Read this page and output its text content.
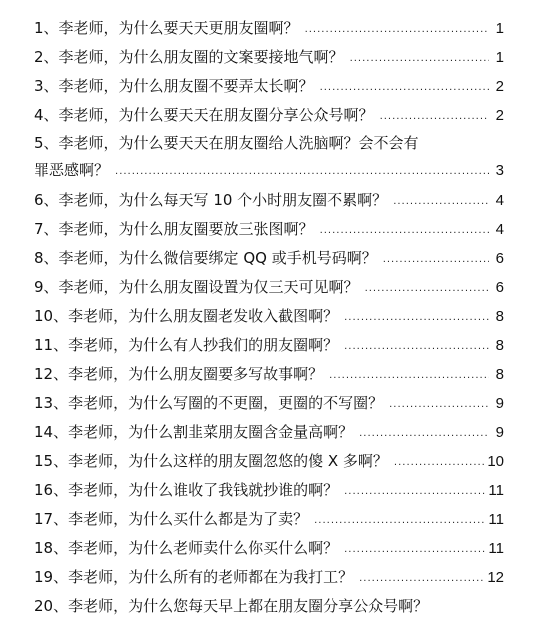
1、 李老师，为什么要天天更朋友圈啊？ .....	1
2、 李老师，为什么朋友圈的文案要接地气啊？ .....	1
3、 李老师，为什么朋友圈不要弄太长啊？ .....	2
4、 李老师，为什么要天天在朋友圈分享公众号啊？ .....	2
5、李老师，为什么要天天在朋友圈给人洗脑啊？会不会有
罪恶感啊？ .....	3
6、 李老师，为什么每天写 10 个小时朋友圈不累啊？ .....	4
7、 李老师，为什么朋友圈要放三张图啊？ .....	4
8、 李老师，为什么微信要绑定 QQ 或手机号码啊？ .....	6
9、 李老师，为什么朋友圈设置为仅三天可见啊？ .....	6
10、 李老师，为什么朋友圈老发收入截图啊？ .....	8
11、 李老师，为什么有人抄我们的朋友圈啊？ .....	8
12、 李老师，为什么朋友圈要多写故事啊？ .....	8
13、 李老师，为什么写圈的不更圈，更圈的不写圈？ .....	9
14、 李老师，为什么割韭菜朋友圈含金量高啊？ .....	9
15、 李老师，为什么这样的朋友圈忽悠的傻 X 多啊？ .....	10
16、 李老师，为什么谁收了我钱就抄谁的啊？ .....	11
17、 李老师，为什么买什么都是为了卖？ .....	11
18、 李老师，为什么老师卖什么你买什么啊？ .....	11
19、 李老师，为什么所有的老师都在为我打工？ .....	12
20、 李老师，为什么您每天早上都在朋友圈分享公众号啊？
